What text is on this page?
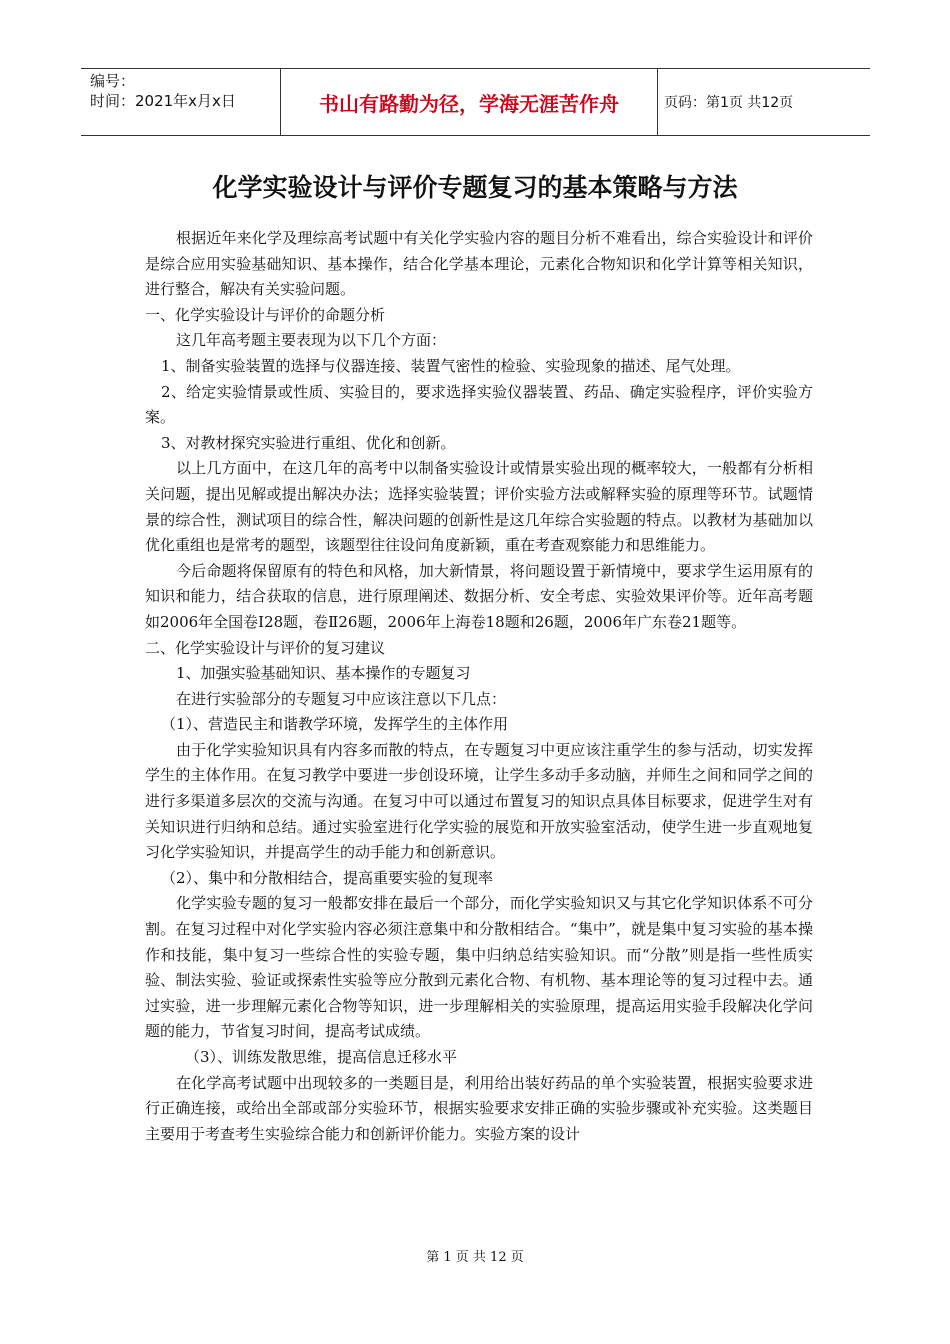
编号：
时间：2021年x月x日	书山有路勤为径，学海无涯苦作舟	页码：第1页 共12页
化学实验设计与评价专题复习的基本策略与方法

根据近年来化学及理综高考试题中有关化学实验内容的题目分析不难看出，综合实验设计和评价是综合应用实验基础知识、基本操作，结合化学基本理论，元素化合物知识和化学计算等相关知识，进行整合，解决有关实验问题。

一、化学实验设计与评价的命题分析

这几年高考题主要表现为以下几个方面：

1、制备实验装置的选择与仪器连接、装置气密性的检验、实验现象的描述、尾气处理。

2、给定实验情景或性质、实验目的，要求选择实验仪器装置、药品、确定实验程序，评价实验方案。

3、对教材探究实验进行重组、优化和创新。

以上几方面中，在这几年的高考中以制备实验设计或情景实验出现的概率较大，一般都有分析相关问题，提出见解或提出解决办法；选择实验装置；评价实验方法或解释实验的原理等环节。试题情景的综合性，测试项目的综合性，解决问题的创新性是这几年综合实验题的特点。以教材为基础加以优化重组也是常考的题型，该题型往往设问角度新颖，重在考查观察能力和思维能力。

今后命题将保留原有的特色和风格，加大新情景，将问题设置于新情境中，要求学生运用原有的知识和能力，结合获取的信息，进行原理阐述、数据分析、安全考虑、实验效果评价等。近年高考题如2006年全国卷Ⅰ28题，卷Ⅱ26题，2006年上海卷18题和26题，2006年广东卷21题等。

二、化学实验设计与评价的复习建议

1、加强实验基础知识、基本操作的专题复习

在进行实验部分的专题复习中应该注意以下几点：

（1）、营造民主和谐教学环境，发挥学生的主体作用

由于化学实验知识具有内容多而散的特点，在专题复习中更应该注重学生的参与活动，切实发挥学生的主体作用。在复习教学中要进一步创设环境，让学生多动手多动脑，并师生之间和同学之间的进行多渠道多层次的交流与沟通。在复习中可以通过布置复习的知识点具体目标要求，促进学生对有关知识进行归纳和总结。通过实验室进行化学实验的展览和开放实验室活动，使学生进一步直观地复习化学实验知识，并提高学生的动手能力和创新意识。

（2）、集中和分散相结合，提高重要实验的复现率

化学实验专题的复习一般都安排在最后一个部分，而化学实验知识又与其它化学知识体系不可分割。在复习过程中对化学实验内容必须注意集中和分散相结合。“集中”，就是集中复习实验的基本操作和技能，集中复习一些综合性的实验专题，集中归纳总结实验知识。而“分散”则是指一些性质实验、制法实验、验证或探索性实验等应分散到元素化合物、有机物、基本理论等的复习过程中去。通过实验，进一步理解元素化合物等知识，进一步理解相关的实验原理，提高运用实验手段解决化学问题的能力，节省复习时间，提高考试成绩。

（3）、训练发散思维，提高信息迁移水平

在化学高考试题中出现较多的一类题目是，利用给出装好药品的单个实验装置，根据实验要求进行正确连接，或给出全部或部分实验环节，根据实验要求安排正确的实验步骤或补充实验。这类题目主要用于考查考生实验综合能力和创新评价能力。实验方案的设计

第 1 页 共 12 页
